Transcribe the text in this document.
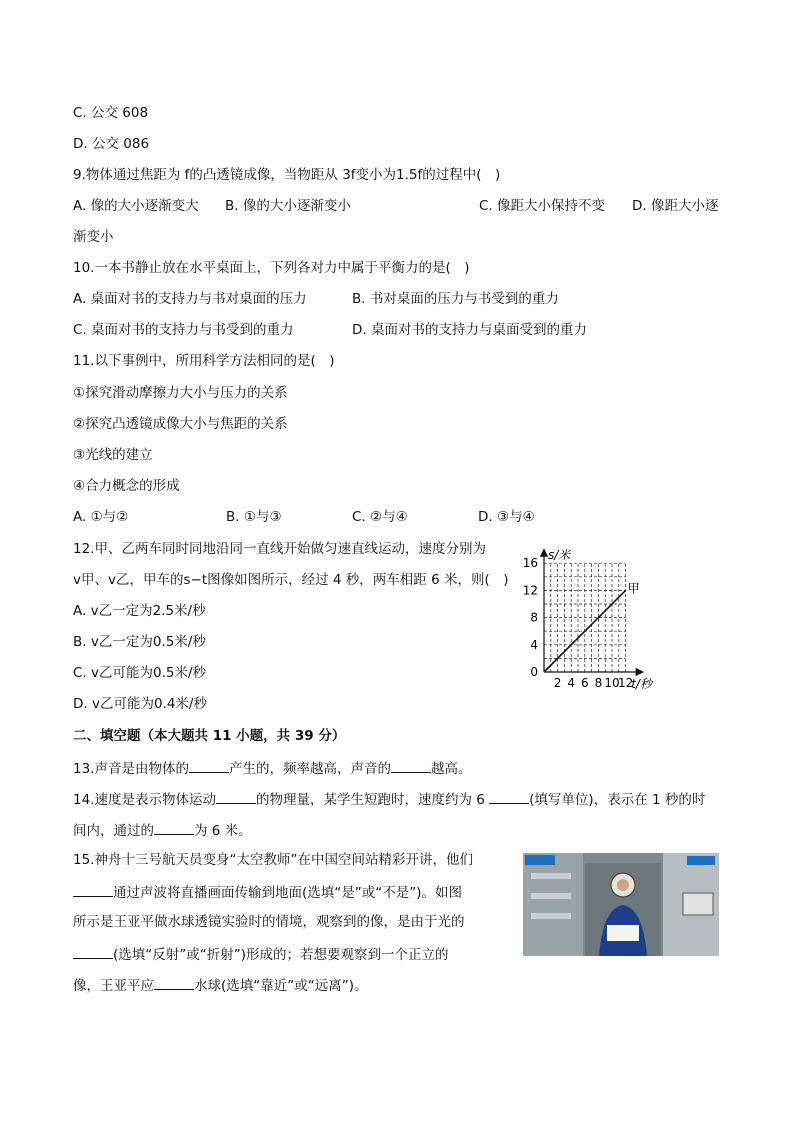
C. 公交 608
D. 公交 086
9.物体通过焦距为 f的凸透镜成像，当物距从 3f变小为1.5f的过程中(　)
A. 像的大小逐渐变大 B. 像的大小逐渐变小	C. 像距大小保持不变 D. 像距大小逐
渐变小
10.一本书静止放在水平桌面上，下列各对力中属于平衡力的是(　)
A. 桌面对书的支持力与书对桌面的压力	B. 书对桌面的压力与书受到的重力
C. 桌面对书的支持力与书受到的重力	D. 桌面对书的支持力与桌面受到的重力
11.以下事例中，所用科学方法相同的是(　)
①探究滑动摩擦力大小与压力的关系
②探究凸透镜成像大小与焦距的关系
③光线的建立
④合力概念的形成
A. ①与②	B. ①与③	C. ②与④	D. ③与④
12.甲、乙两车同时同地沿同一直线开始做匀速直线运动，速度分别为
v甲、v乙，甲车的s−t图像如图所示，经过 4 秒，两车相距 6 米，则(　)
A. v乙一定为2.5米/秒
B. v乙一定为0.5米/秒
C. v乙可能为0.5米/秒
D. v乙可能为0.4米/秒
2 4 6 8 10
12
4
8
12
16
0
s/米
t/秒
甲
二、填空题（本大题共 11 小题，共 39 分）
13.声音是由物体的	产生的，频率越高，声音的	越高。
14.速度是表示物体运动	的物理量，某学生短跑时，速度约为 6	(填写单位)，表示在 1 秒的时
间内，通过的	为 6 米。
15.神舟十三号航天员变身“太空教师”在中国空间站精彩开讲，他们
通过声波将直播画面传输到地面(选填“是”或“不是”)。如图
所示是王亚平做水球透镜实验时的情境，观察到的像，是由于光的
(选填“反射”或“折射”)形成的；若想要观察到一个正立的
像，王亚平应	水球(选填“靠近”或“远离”)。
